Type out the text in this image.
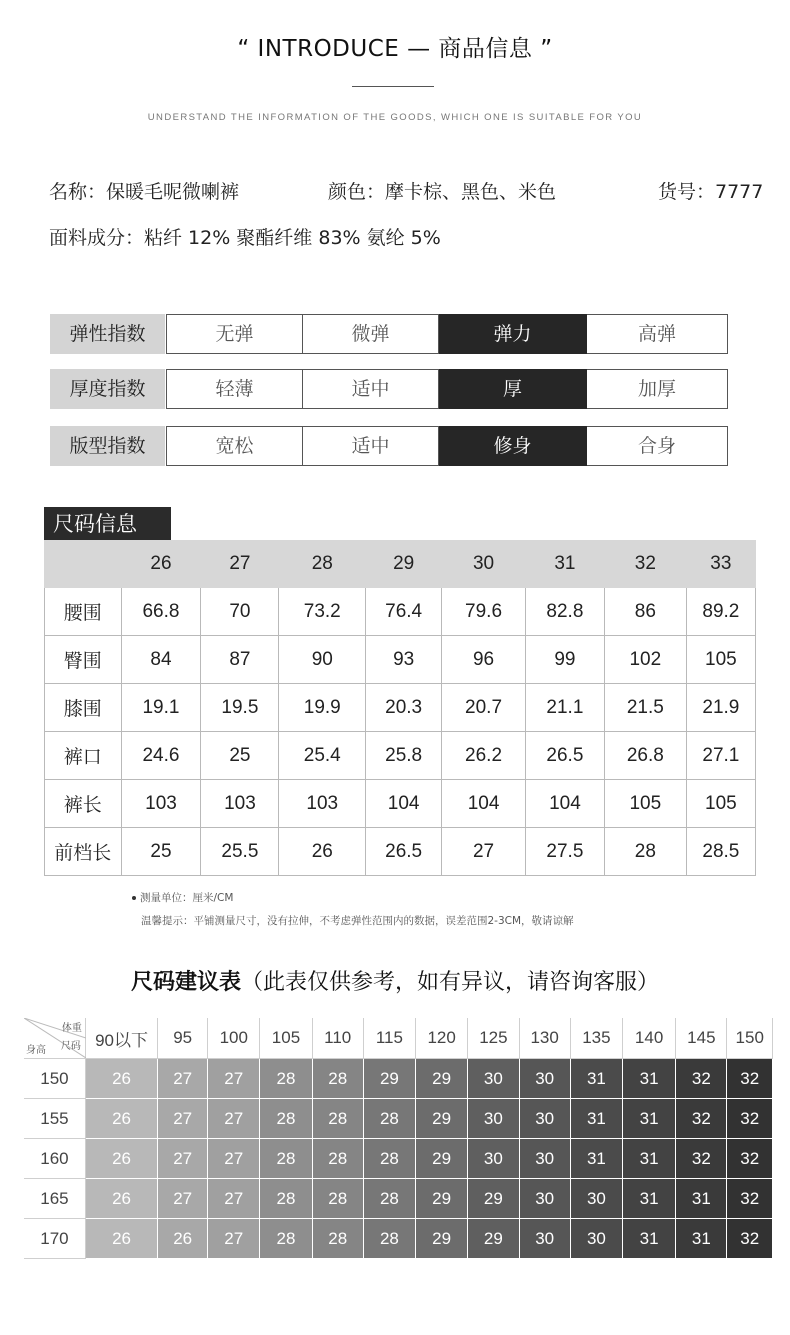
“ INTRODUCE — 商品信息 ”
UNDERSTAND THE INFORMATION OF THE GOODS, WHICH ONE IS SUITABLE FOR YOU
名称：保暖毛呢微喇裤	颜色：摩卡棕、黑色、米色	货号：7777
面料成分：粘纤 12% 聚酯纤维 83% 氨纶 5%
弹性指数	无弹	微弹	弹力	高弹
厚度指数	轻薄	适中	厚	加厚
版型指数	宽松	适中	修身	合身
尺码信息
	26	27	28	29	30	31	32	33
腰围	66.8	70	73.2	76.4	79.6	82.8	86	89.2
臀围	84	87	90	93	96	99	102	105
膝围	19.1	19.5	19.9	20.3	20.7	21.1	21.5	21.9
裤口	24.6	25	25.4	25.8	26.2	26.5	26.8	27.1
裤长	103	103	103	104	104	104	105	105
前档长	25	25.5	26	26.5	27	27.5	28	28.5
测量单位：厘米/CM
温馨提示：平铺测量尺寸，没有拉伸，不考虑弹性范围内的数据，误差范围2-3CM，敬请谅解
尺码建议表（此表仅供参考，如有异议，请咨询客服）
体重
尺码
身高	90以下	95	100	105	110	115	120	125	130	135	140	145	150
150	26	27	27	28	28	29	29	30	30	31	31	32	32
155	26	27	27	28	28	28	29	30	30	31	31	32	32
160	26	27	27	28	28	28	29	30	30	31	31	32	32
165	26	27	27	28	28	28	29	29	30	30	31	31	32
170	26	26	27	28	28	28	29	29	30	30	31	31	32
